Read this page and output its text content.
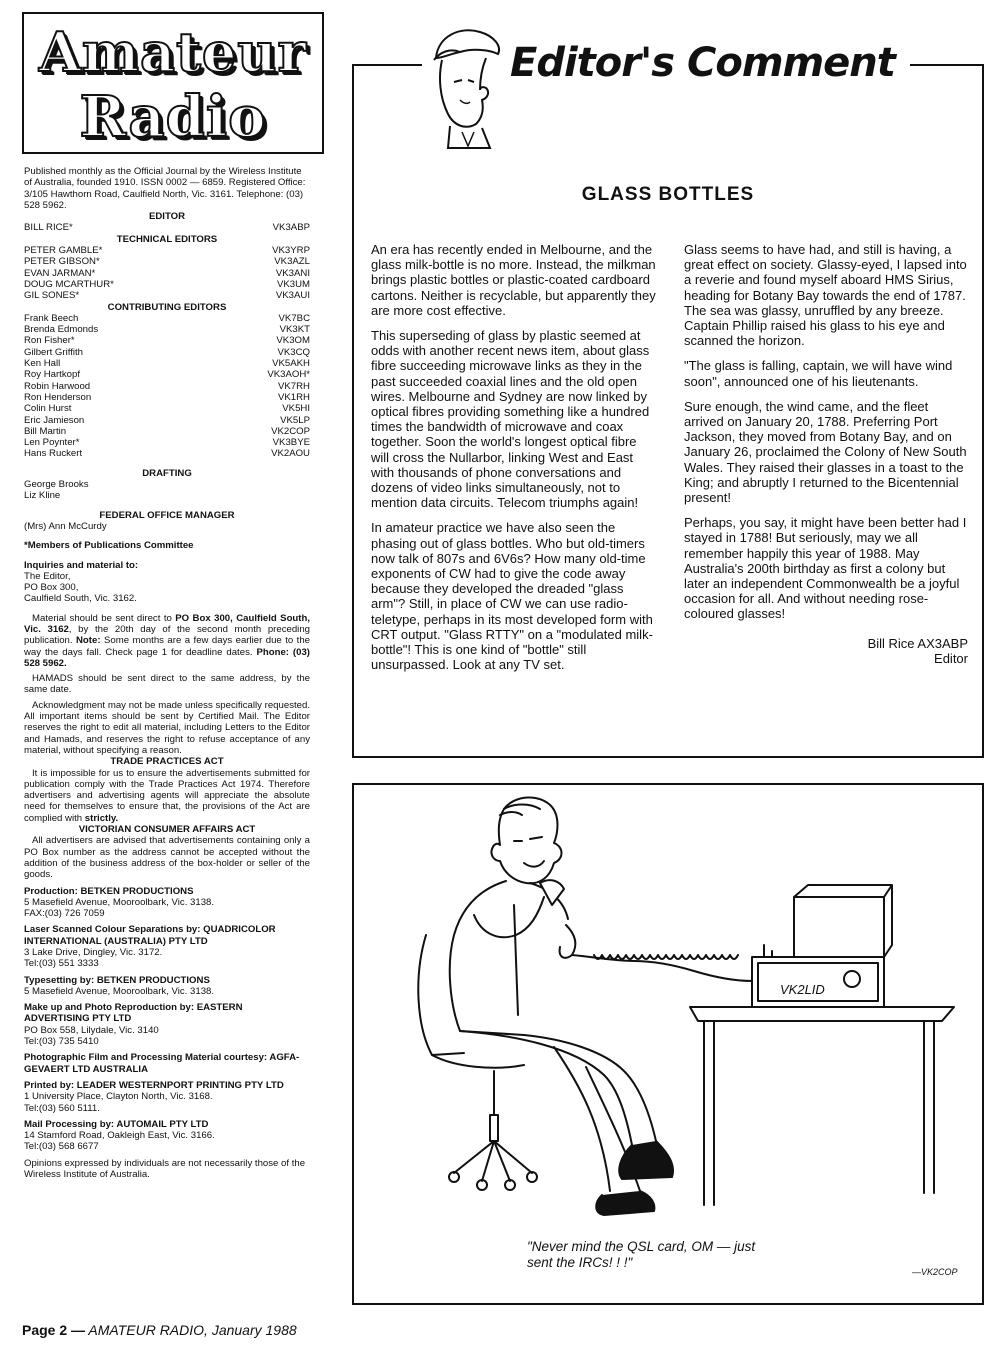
Amateur
Radio

Published monthly as the Official Journal by the Wireless Institute of Australia, founded 1910. ISSN 0002 — 6859. Registered Office: 3/105 Hawthorn Road, Caulfield North, Vic. 3161. Telephone: (03) 528 5962.

EDITOR

BILL RICE*	VK3ABP

TECHNICAL EDITORS

PETER GAMBLE*	VK3YRP
PETER GIBSON*	VK3AZL
EVAN JARMAN*	VK3ANI
DOUG MCARTHUR*	VK3UM
GIL SONES*	VK3AUI

CONTRIBUTING EDITORS

Frank Beech	VK7BC
Brenda Edmonds	VK3KT
Ron Fisher*	VK3OM
Gilbert Griffith	VK3CQ
Ken Hall	VK5AKH
Roy Hartkopf	VK3AOH*
Robin Harwood	VK7RH
Ron Henderson	VK1RH
Colin Hurst	VK5HI
Eric Jamieson	VK5LP
Bill Martin	VK2COP
Len Poynter*	VK3BYE
Hans Ruckert	VK2AOU

DRAFTING

George Brooks

Liz Kline

FEDERAL OFFICE MANAGER

(Mrs) Ann McCurdy

*Members of Publications Committee

Inquiries and material to:

The Editor,

PO Box 300,

Caulfield South, Vic. 3162.

Material should be sent direct to PO Box 300, Caulfield South, Vic. 3162, by the 20th day of the second month preceding publication. Note: Some months are a few days earlier due to the way the days fall. Check page 1 for deadline dates. Phone: (03) 528 5962.

HAMADS should be sent direct to the same address, by the same date.

Acknowledgment may not be made unless specifically requested. All important items should be sent by Certified Mail. The Editor reserves the right to edit all material, including Letters to the Editor and Hamads, and reserves the right to refuse acceptance of any material, without specifying a reason.

TRADE PRACTICES ACT

It is impossible for us to ensure the advertisements submitted for publication comply with the Trade Practices Act 1974. Therefore advertisers and advertising agents will appreciate the absolute need for themselves to ensure that, the provisions of the Act are complied with strictly.

VICTORIAN CONSUMER AFFAIRS ACT

All advertisers are advised that advertisements containing only a PO Box number as the address cannot be accepted without the addition of the business address of the box-holder or seller of the goods.

Production: BETKEN PRODUCTIONS

5 Masefield Avenue, Mooroolbark, Vic. 3138.

FAX:(03) 726 7059

Laser Scanned Colour Separations by: QUADRICOLOR INTERNATIONAL (AUSTRALIA) PTY LTD

3 Lake Drive, Dingley, Vic. 3172.

Tel:(03) 551 3333

Typesetting by: BETKEN PRODUCTIONS

5 Masefield Avenue, Mooroolbark, Vic. 3138.

Make up and Photo Reproduction by: EASTERN ADVERTISING PTY LTD

PO Box 558, Lilydale, Vic. 3140

Tel:(03) 735 5410

Photographic Film and Processing Material courtesy: AGFA-GEVAERT LTD AUSTRALIA

Printed by: LEADER WESTERNPORT PRINTING PTY LTD

1 University Place, Clayton North, Vic. 3168.

Tel:(03) 560 5111.

Mail Processing by: AUTOMAIL PTY LTD

14 Stamford Road, Oakleigh East, Vic. 3166.

Tel:(03) 568 6677

Opinions expressed by individuals are not necessarily those of the Wireless Institute of Australia.

Editor's Comment
GLASS BOTTLES

An era has recently ended in Melbourne, and the glass milk-bottle is no more. Instead, the milkman brings plastic bottles or plastic-coated cardboard cartons. Neither is recyclable, but apparently they are more cost effective.

This superseding of glass by plastic seemed at odds with another recent news item, about glass fibre succeeding microwave links as they in the past succeeded coaxial lines and the old open wires. Melbourne and Sydney are now linked by optical fibres providing something like a hundred times the bandwidth of microwave and coax together. Soon the world's longest optical fibre will cross the Nullarbor, linking West and East with thousands of phone conversations and dozens of video links simultaneously, not to mention data circuits. Telecom triumphs again!

In amateur practice we have also seen the phasing out of glass bottles. Who but old-timers now talk of 807s and 6V6s? How many old-time exponents of CW had to give the code away because they developed the dreaded "glass arm"? Still, in place of CW we can use radio-teletype, perhaps in its most developed form with CRT output. "Glass RTTY" on a "modulated milk-bottle"! This is one kind of "bottle" still unsurpassed. Look at any TV set.

Glass seems to have had, and still is having, a great effect on society. Glassy-eyed, I lapsed into a reverie and found myself aboard HMS Sirius, heading for Botany Bay towards the end of 1787. The sea was glassy, unruffled by any breeze. Captain Phillip raised his glass to his eye and scanned the horizon.

"The glass is falling, captain, we will have wind soon", announced one of his lieutenants.

Sure enough, the wind came, and the fleet arrived on January 20, 1788. Preferring Port Jackson, they moved from Botany Bay, and on January 26, proclaimed the Colony of New South Wales. They raised their glasses in a toast to the King; and abruptly I returned to the Bicentennial present!

Perhaps, you say, it might have been better had I stayed in 1788! But seriously, may we all remember happily this year of 1988. May Australia's 200th birthday as first a colony but later an independent Commonwealth be a joyful occasion for all. And without needing rose-coloured glasses!

Bill Rice AX3ABP
Editor

VK2LID
"Never mind the QSL card, OM — just
sent the IRCs! ! !"
—VK2COP
Page 2 — AMATEUR RADIO, January 1988
